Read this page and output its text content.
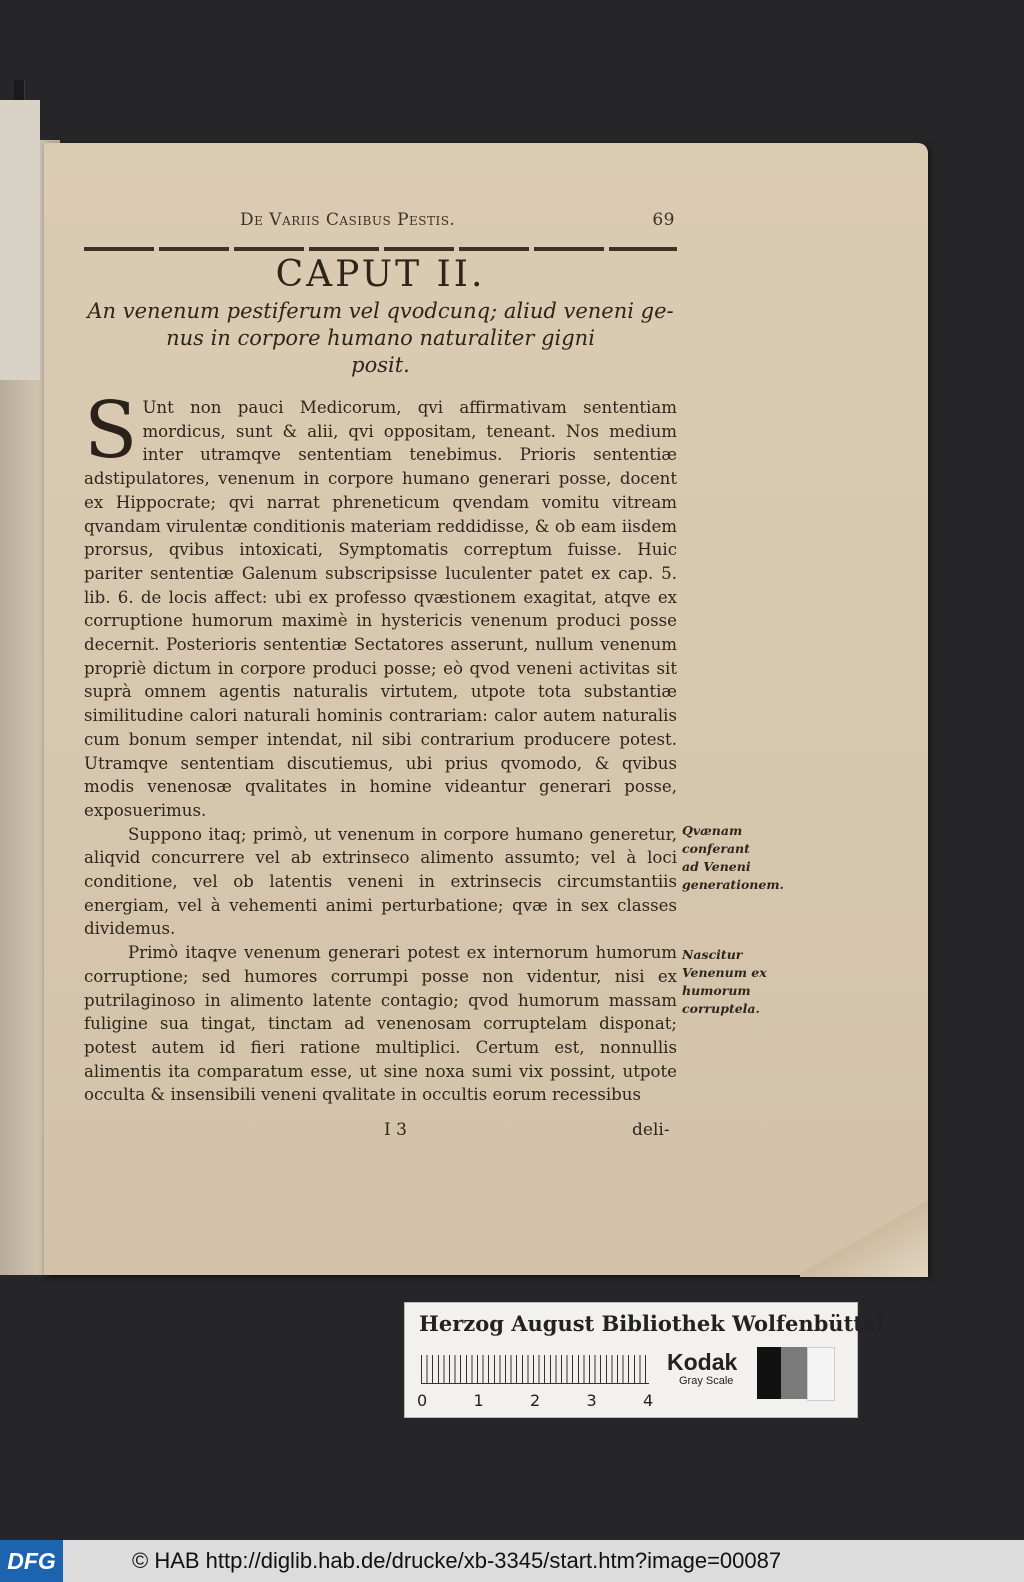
De Variis Casibus Pestis.	69
CAPUT II.
An venenum pestiferum vel qvodcunq; aliud veneni ge-
nus in corpore humano naturaliter gigni
posit.

S Unt non pauci Medicorum, qvi affirmativam sententiam mordicus, sunt & alii, qvi oppositam, teneant. Nos medium inter utramqve sententiam tenebimus. Prioris sententiæ adstipulatores, venenum in corpore humano generari posse, docent ex Hippocrate; qvi narrat phreneticum qvendam vomitu vitream qvandam virulentæ conditionis materiam reddidisse, & ob eam iisdem prorsus, qvibus intoxicati, Symptomatis correptum fuisse. Huic pariter sententiæ Galenum subscripsisse luculenter patet ex cap. 5. lib. 6. de locis affect: ubi ex professo qvæstionem exagitat, atqve ex corruptione humorum maximè in hystericis venenum produci posse decernit. Posterioris sententiæ Sectatores asserunt, nullum venenum propriè dictum in corpore produci posse; eò qvod veneni activitas sit suprà omnem agentis naturalis virtutem, utpote tota substantiæ similitudine calori naturali hominis contrariam: calor autem naturalis cum bonum semper intendat, nil sibi contrarium producere potest. Utramqve sententiam discutiemus, ubi prius qvomodo, & qvibus modis venenosæ qvalitates in homine videantur generari posse, exposuerimus.

Suppono itaq; primò, ut venenum in corpore humano generetur, aliqvid concurrere vel ab extrinseco alimento assumto; vel à loci conditione, vel ob latentis veneni in extrinsecis circumstantiis energiam, vel à vehementi animi perturbatione; qvæ in sex classes dividemus.

Primò itaqve venenum generari potest ex internorum humorum corruptione; sed humores corrumpi posse non videntur, nisi ex putrilaginoso in alimento latente contagio; qvod humorum massam fuligine sua tingat, tinctam ad venenosam corruptelam disponat; potest autem id fieri ratione multiplici. Certum est, nonnullis alimentis ita comparatum esse, ut sine noxa sumi vix possint, utpote occulta & insensibili veneni qvalitate in occultis eorum recessibus

I 3	deli-
Qvænam conferant ad Veneni generationem.
Nascitur Venenum ex humorum corruptela.
Herzog August Bibliothek Wolfenbüttel
0	1	2	3	4
Kodak
Gray Scale
DFG	© HAB http://diglib.hab.de/drucke/xb-3345/start.htm?image=00087
